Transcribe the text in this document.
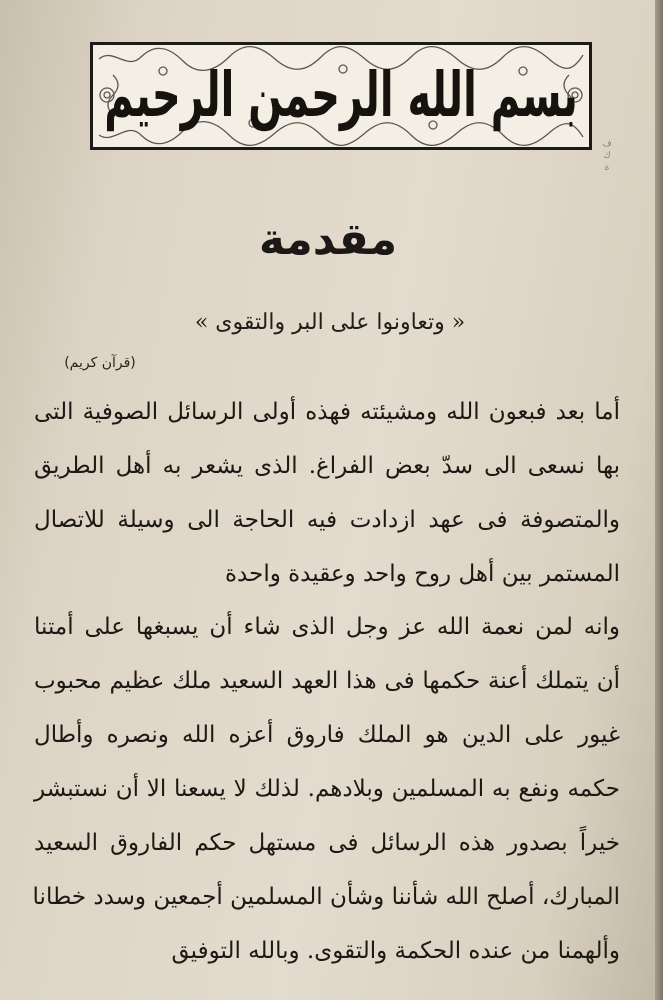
بسم الله الرحمن الرحيم
ف
ك
ة
مقدمة
« وتعاونوا على البر والتقوى »
(قرآن كريم)
أما بعد فبعون الله ومشيئته فهذه أولى الرسائل الصوفية التى
بها نسعى الى سدّ بعض الفراغ. الذى يشعر به أهل الطريق
والمتصوفة فى عهد ازدادت فيه الحاجة الى وسيلة للاتصال
المستمر بين أهل روح واحد وعقيدة واحدة
وانه لمن نعمة الله عز وجل الذى شاء أن يسبغها على أمتنا
أن يتملك أعنة حكمها فى هذا العهد السعيد ملك عظيم محبوب
غيور على الدين هو الملك فاروق أعزه الله ونصره وأطال
حكمه ونفع به المسلمين وبلادهم. لذلك لا يسعنا الا أن نستبشر
خيراً بصدور هذه الرسائل فى مستهل حكم الفاروق السعيد
المبارك، أصلح الله شأننا وشأن المسلمين أجمعين وسدد خطانا
وألهمنا من عنده الحكمة والتقوى. وبالله التوفيق
